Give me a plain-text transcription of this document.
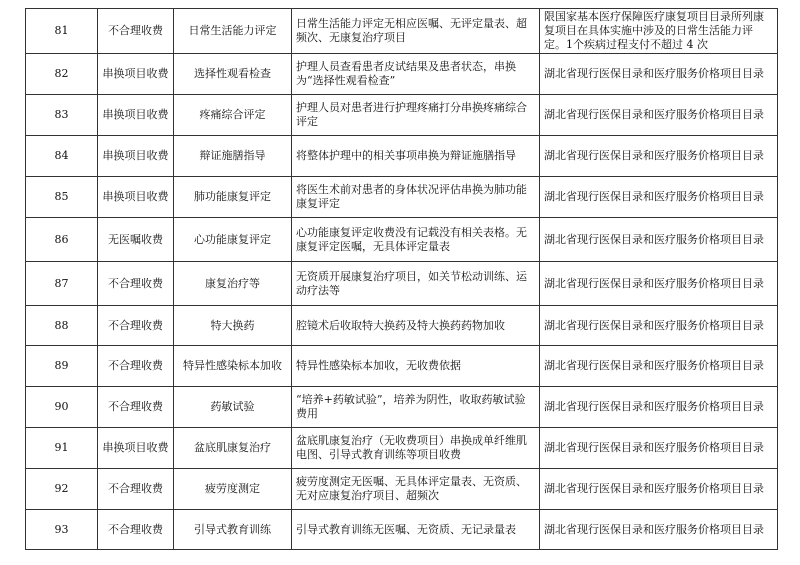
81	不合理收费	日常生活能力评定	日常生活能力评定无相应医嘱、无评定量表、超频次、无康复治疗项目	限国家基本医疗保障医疗康复项目目录所列康复项目在具体实施中涉及的日常生活能力评定。1个疾病过程支付不超过 4 次
82	串换项目收费	选择性观看检查	护理人员查看患者皮试结果及患者状态，串换为“选择性观看检查”	湖北省现行医保目录和医疗服务价格项目目录
83	串换项目收费	疼痛综合评定	护理人员对患者进行护理疼痛打分串换疼痛综合评定	湖北省现行医保目录和医疗服务价格项目目录
84	串换项目收费	辩证施膳指导	将整体护理中的相关事项串换为辩证施膳指导	湖北省现行医保目录和医疗服务价格项目目录
85	串换项目收费	肺功能康复评定	将医生术前对患者的身体状况评估串换为肺功能康复评定	湖北省现行医保目录和医疗服务价格项目目录
86	无医嘱收费	心功能康复评定	心功能康复评定收费没有记载没有相关表格。无康复评定医嘱，无具体评定量表	湖北省现行医保目录和医疗服务价格项目目录
87	不合理收费	康复治疗等	无资质开展康复治疗项目，如关节松动训练、运动疗法等	湖北省现行医保目录和医疗服务价格项目目录
88	不合理收费	特大换药	腔镜术后收取特大换药及特大换药药物加收	湖北省现行医保目录和医疗服务价格项目目录
89	不合理收费	特异性感染标本加收	特异性感染标本加收，无收费依据	湖北省现行医保目录和医疗服务价格项目目录
90	不合理收费	药敏试验	“培养+药敏试验”，培养为阴性，收取药敏试验费用	湖北省现行医保目录和医疗服务价格项目目录
91	串换项目收费	盆底肌康复治疗	盆底肌康复治疗（无收费项目）串换成单纤维肌电图、引导式教育训练等项目收费	湖北省现行医保目录和医疗服务价格项目目录
92	不合理收费	疲劳度测定	疲劳度测定无医嘱、无具体评定量表、无资质、无对应康复治疗项目、超频次	湖北省现行医保目录和医疗服务价格项目目录
93	不合理收费	引导式教育训练	引导式教育训练无医嘱、无资质、无记录量表	湖北省现行医保目录和医疗服务价格项目目录
